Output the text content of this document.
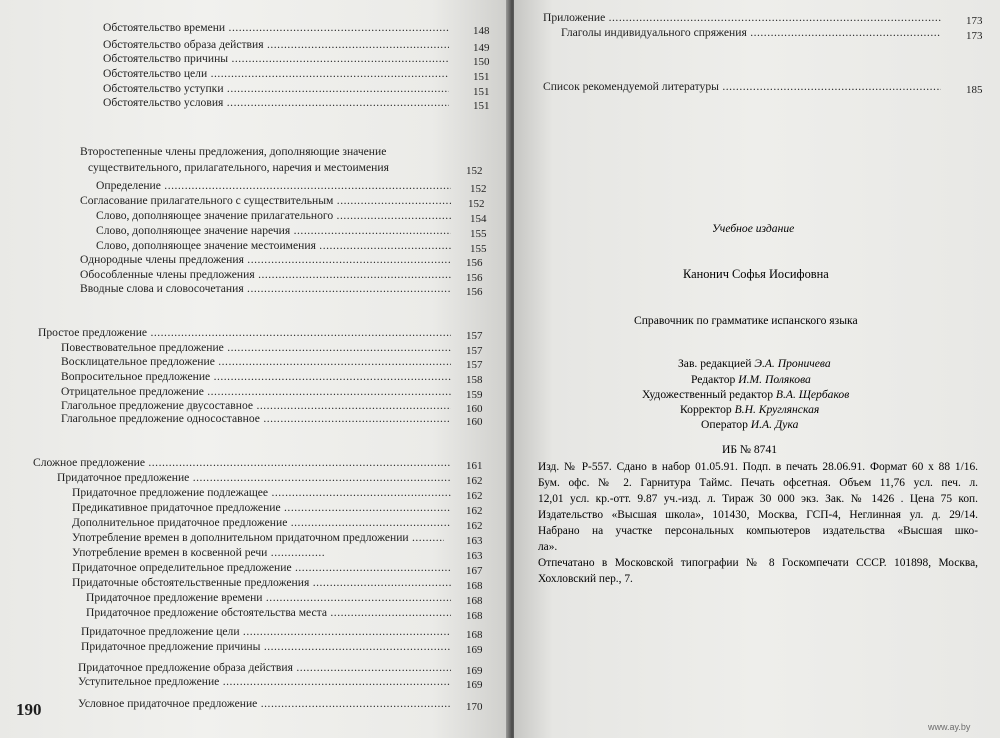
Обстоятельство времени .....	148
Обстоятельство образа действия .....	149
Обстоятельство причины .....	150
Обстоятельство цели .....	151
Обстоятельство уступки .....	151
Обстоятельство условия .....	151
Второстепенные члены предложения, дополняющие значение существительного, прилагательного, наречия и местоимения	152
Определение .....	152
Согласование прилагательного с существительным .....	152
Слово, дополняющее значение прилагательного .....	154
Слово, дополняющее значение наречия .....	155
Слово, дополняющее значение местоимения .....	155
Однородные члены предложения .....	156
Обособленные члены предложения .....	156
Вводные слова и словосочетания .....	156
Простое предложение .....	157
Повествовательное предложение .....	157
Восклицательное предложение .....	157
Вопросительное предложение .....	158
Отрицательное предложение .....	159
Глагольное предложение двусоставное .....	160
Глагольное предложение односоставное .....	160
Сложное предложение .....	161
Придаточное предложение .....	162
Придаточное предложение подлежащее .....	162
Предикативное придаточное предложение .....	162
Дополнительное придаточное предложение .....	162
Употребление времен в дополнительном придаточном предложении .....	163
Употребление времен в косвенной речи .....	163
Придаточное определительное предложение .....	167
Придаточные обстоятельственные предложения .....	168
Придаточное предложение времени .....	168
Придаточное предложение обстоятельства места .....	168
Придаточное предложение цели .....	168
Придаточное предложение причины .....	169
Придаточное предложение образа действия .....	169
Уступительное предложение .....	169
Условное придаточное предложение .....	170
190
Приложение .....	173
Глаголы индивидуального спряжения .....	173
Список рекомендуемой литературы .....	185
Учебное издание
Канонич Софья Иосифовна
Справочник по грамматике испанского языка
Зав. редакцией Э.А. Проничева
Редактор И.М. Полякова
Художественный редактор В.А. Щербаков
Корректор В.Н. Круглянская
Оператор И.А. Дука
ИБ № 8741

Изд. № Р-557. Сдано в набор 01.05.91. Подп. в печать 28.06.91. Формат 60 x 88 1/16.

Бум. офс. № 2. Гарнитура Таймс. Печать офсетная. Объем 11,76 усл. печ. л.

12,01 усл. кр.-отт. 9.87 уч.-изд. л. Тираж 30 000 экз. Зак. № 1426 . Цена 75 коп.

Издательство «Высшая школа», 101430, Москва, ГСП-4, Неглинная ул. д. 29/14.

Набрано на участке персональных компьютеров издательства «Высшая шко-

ла».

Отпечатано в Московской типографии № 8 Госкомпечати СССР. 101898, Москва,

Хохловский пер., 7.

www.ay.by
